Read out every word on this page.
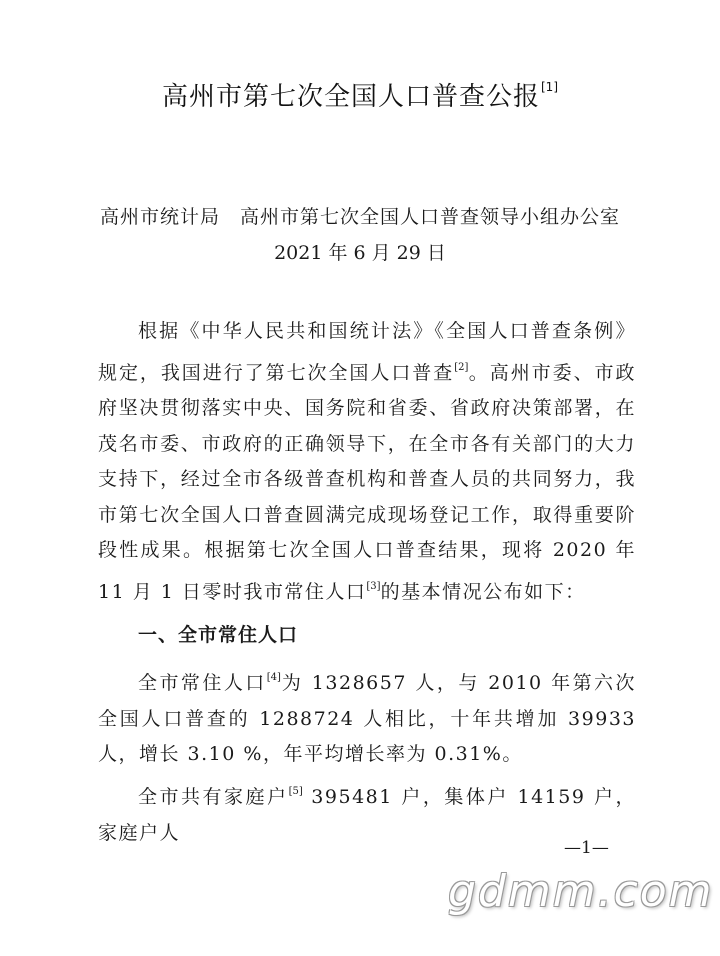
高州市第七次全国人口普查公报[1]
高州市统计局　高州市第七次全国人口普查领导小组办公室
2021 年 6 月 29 日

根据《中华人民共和国统计法》《全国人口普查条例》规定，我国进行了第七次全国人口普查[2]。高州市委、市政府坚决贯彻落实中央、国务院和省委、省政府决策部署，在茂名市委、市政府的正确领导下，在全市各有关部门的大力支持下，经过全市各级普查机构和普查人员的共同努力，我市第七次全国人口普查圆满完成现场登记工作，取得重要阶段性成果。根据第七次全国人口普查结果，现将 2020 年 11 月 1 日零时我市常住人口[3]的基本情况公布如下：

一、全市常住人口

全市常住人口[4]为 1328657 人，与 2010 年第六次全国人口普查的 1288724 人相比，十年共增加 39933 人，增长 3.10 %，年平均增长率为 0.31%。

全市共有家庭户[5] 395481 户，集体户 14159 户，家庭户人

—1—
gdmm.com
